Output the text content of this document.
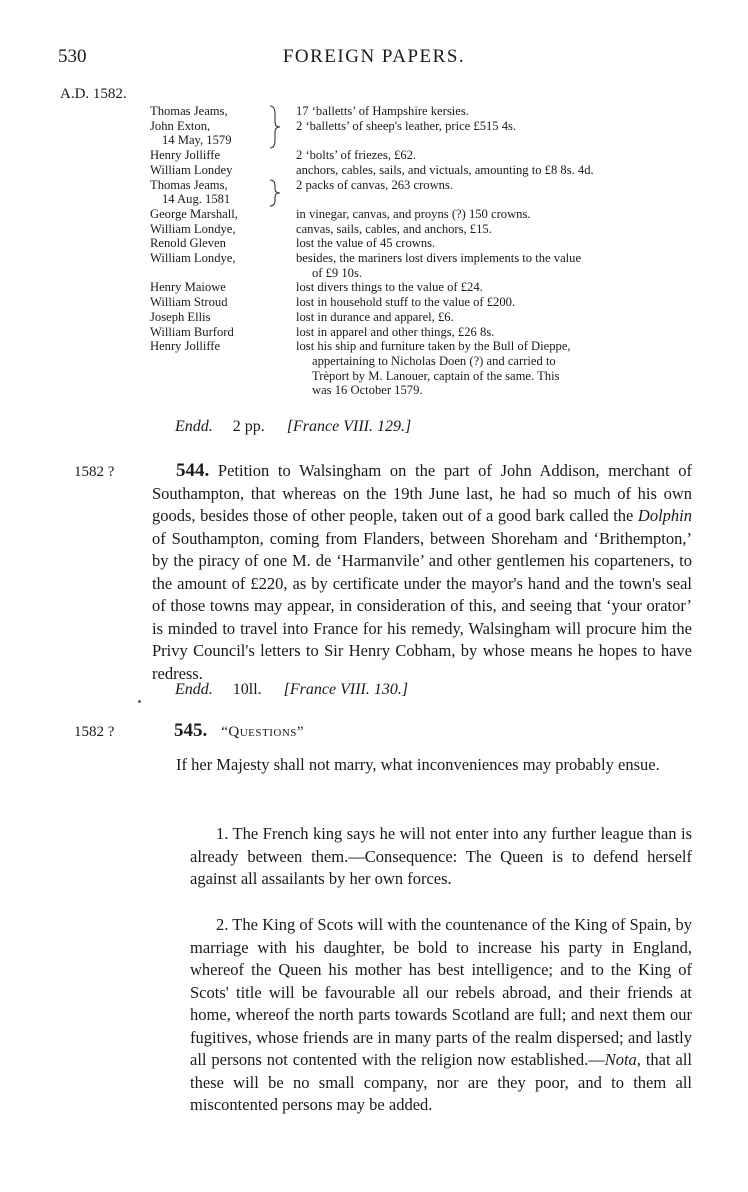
FOREIGN PAPERS.
530
A.D. 1582.
Thomas Jeams,
John Exton,
14 May, 1579
Henry Jolliffe
William Londey
Thomas Jeams,
14 Aug. 1581
George Marshall,
William Londye,
Renold Gleven
William Londye,
Henry Maiowe
William Stroud
Joseph Ellis
William Burford
Henry Jolliffe
17 ‘balletts’ of Hampshire kersies.
2 ‘balletts’ of sheep's leather, price £515 4s.
2 ‘bolts’ of friezes, £62.
anchors, cables, sails, and victuals, amounting to £8 8s. 4d.
2 packs of canvas, 263 crowns.
in vinegar, canvas, and proyns (?) 150 crowns.
canvas, sails, cables, and anchors, £15.
lost the value of 45 crowns.
besides, the mariners lost divers implements to the value
of £9 10s.
lost divers things to the value of £24.
lost in household stuff to the value of £200.
lost in durance and apparel, £6.
lost in apparel and other things, £26 8s.
lost his ship and furniture taken by the Bull of Dieppe,
appertaining to Nicholas Doen (?) and carried to
Trèport by M. Lanouer, captain of the same. This
was 16 October 1579.
Endd. 2 pp. [France VIII. 129.]
1582 ?	544. Petition to Walsingham on the part of John Addison, merchant of Southampton, that whereas on the 19th June last, he had so much of his own goods, besides those of other people, taken out of a good bark called the Dolphin of Southampton, coming from Flanders, between Shoreham and ‘Brithempton,’ by the piracy of one M. de ‘Harmanvile’ and other gentlemen his coparteners, to the amount of £220, as by certificate under the mayor's hand and the town's seal of those towns may appear, in consideration of this, and seeing that ‘your orator’ is minded to travel into France for his remedy, Walsingham will procure him the Privy Council's letters to Sir Henry Cobham, by whose means he hopes to have redress.
Endd. 10ll. [France VIII. 130.]
1582 ?	545. “Questions”
If her Majesty shall not marry, what inconveniences may probably ensue.
1. The French king says he will not enter into any further league than is already between them.—Consequence: The Queen is to defend herself against all assailants by her own forces.
2. The King of Scots will with the countenance of the King of Spain, by marriage with his daughter, be bold to increase his party in England, whereof the Queen his mother has best intelligence; and to the King of Scots' title will be favourable all our rebels abroad, and their friends at home, whereof the north parts towards Scotland are full; and next them our fugitives, whose friends are in many parts of the realm dispersed; and lastly all persons not contented with the religion now established.—Nota, that all these will be no small company, nor are they poor, and to them all miscontented persons may be added.
